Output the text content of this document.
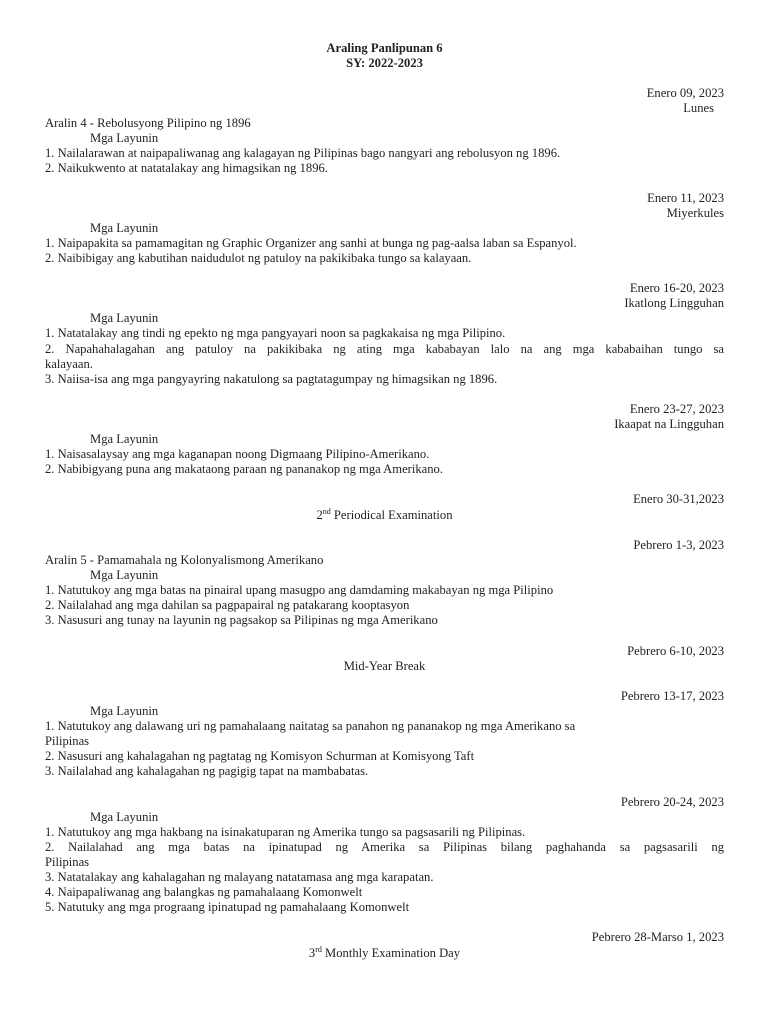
Araling Panlipunan 6
SY: 2022-2023
Enero 09, 2023
Lunes
Aralin 4 - Rebolusyong Pilipino ng 1896
Mga Layunin
1. Nailalarawan at naipapaliwanag ang kalagayan ng Pilipinas bago nangyari ang rebolusyon ng 1896.
2. Naikukwento at natatalakay ang himagsikan ng 1896.
Enero 11, 2023
Miyerkules
Mga Layunin
1. Naipapakita sa pamamagitan ng Graphic Organizer ang sanhi at bunga ng pag-aalsa laban sa Espanyol.
2. Naibibigay ang kabutihan naidudulot ng patuloy na pakikibaka tungo sa kalayaan.
Enero 16-20, 2023
Ikatlong Lingguhan
Mga Layunin
1. Natatalakay ang tindi ng epekto ng mga pangyayari noon sa pagkakaisa ng mga Pilipino.
2. Napahahalagahan ang patuloy na pakikibaka ng ating mga kababayan lalo na ang mga kababaihan tungo sa
kalayaan.
3. Naiisa-isa ang mga pangyayring nakatulong sa pagtatagumpay ng himagsikan ng 1896.
Enero 23-27, 2023
Ikaapat na Lingguhan
Mga Layunin
1. Naisasalaysay ang mga kaganapan noong Digmaang Pilipino-Amerikano.
2. Nabibigyang puna ang makataong paraan ng pananakop ng mga Amerikano.
Enero 30-31,2023
2nd Periodical Examination
Pebrero 1-3, 2023
Aralin 5 - Pamamahala ng Kolonyalismong Amerikano
Mga Layunin
1. Natutukoy ang mga batas na pinairal upang masugpo ang damdaming makabayan ng mga Pilipino
2. Nailalahad ang mga dahilan sa pagpapairal ng patakarang kooptasyon
3. Nasusuri ang tunay na layunin ng pagsakop sa Pilipinas ng mga Amerikano
Pebrero 6-10, 2023
Mid-Year Break
Pebrero 13-17, 2023
Mga Layunin
1. Natutukoy ang dalawang uri ng pamahalaang naitatag sa panahon ng pananakop ng mga Amerikano sa
Pilipinas
2. Nasusuri ang kahalagahan ng pagtatag ng Komisyon Schurman at Komisyong Taft
3. Nailalahad ang kahalagahan ng pagigig tapat na mambabatas.
Pebrero 20-24, 2023
Mga Layunin
1. Natutukoy ang mga hakbang na isinakatuparan ng Amerika tungo sa pagsasarili ng Pilipinas.
2. Nailalahad ang mga batas na ipinatupad ng Amerika sa Pilipinas bilang paghahanda sa pagsasarili ng
Pilipinas
3. Natatalakay ang kahalagahan ng malayang natatamasa ang mga karapatan.
4. Naipapaliwanag ang balangkas ng pamahalaang Komonwelt
5. Natutuky ang mga prograang ipinatupad ng pamahalaang Komonwelt
Pebrero 28-Marso 1, 2023
3rd Monthly Examination Day
